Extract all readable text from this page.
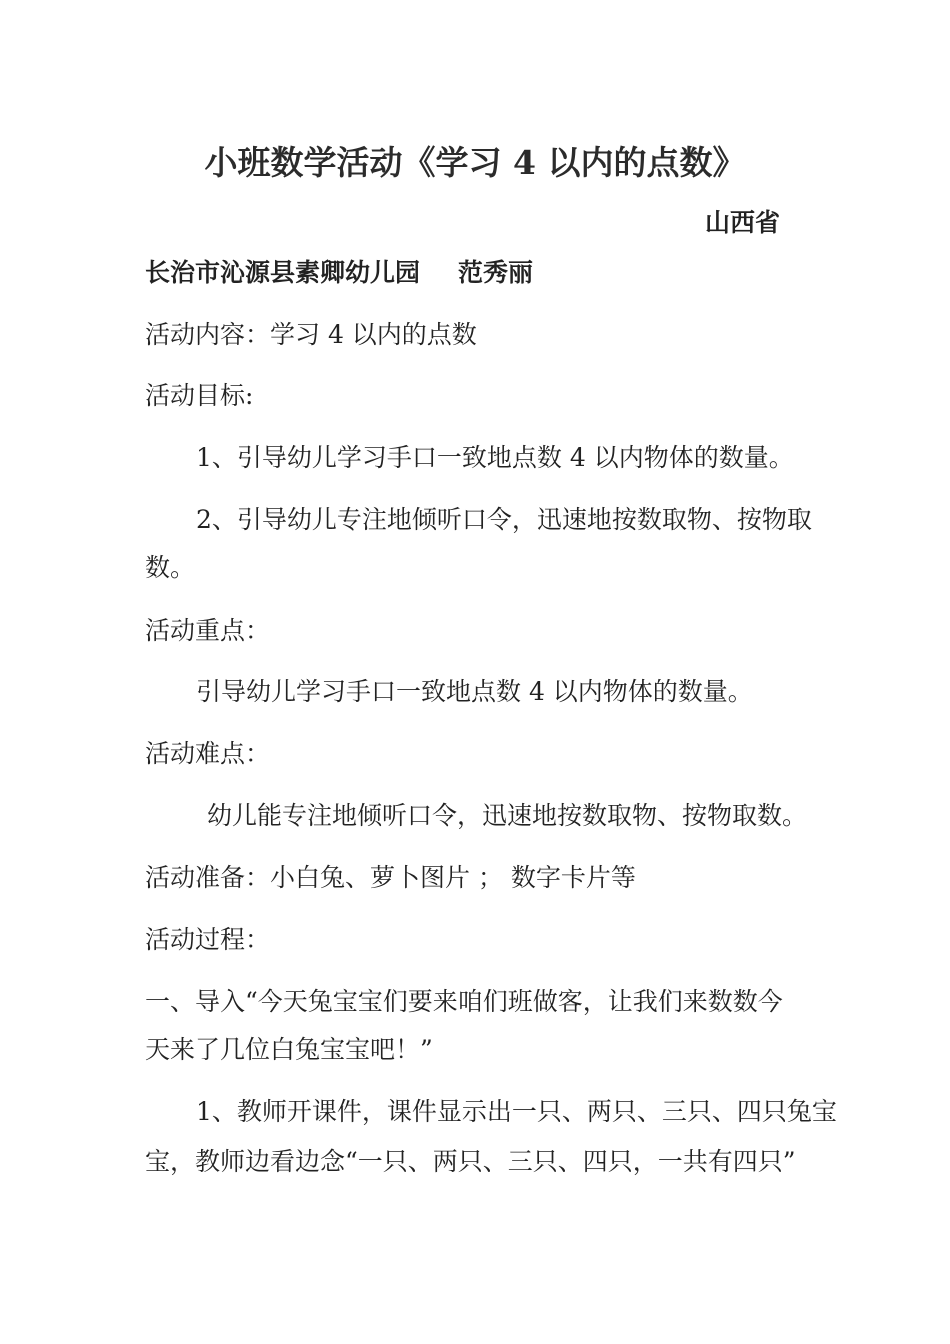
小班数学活动《学习 4 以内的点数》
山西省
长治市沁源县素卿幼儿园 范秀丽
活动内容：学习 4 以内的点数
活动目标:
1、引导幼儿学习手口一致地点数 4 以内物体的数量。
2、引导幼儿专注地倾听口令，迅速地按数取物、按物取
数。
活动重点：
引导幼儿学习手口一致地点数 4 以内物体的数量。
活动难点：
幼儿能专注地倾听口令，迅速地按数取物、按物取数。
活动准备：小白兔、萝卜图片 ； 数字卡片等
活动过程：
一、导入“今天兔宝宝们要来咱们班做客，让我们来数数今
天来了几位白兔宝宝吧！”
1、教师开课件，课件显示出一只、两只、三只、四只兔宝
宝，教师边看边念“一只、两只、三只、四只，一共有四只”
